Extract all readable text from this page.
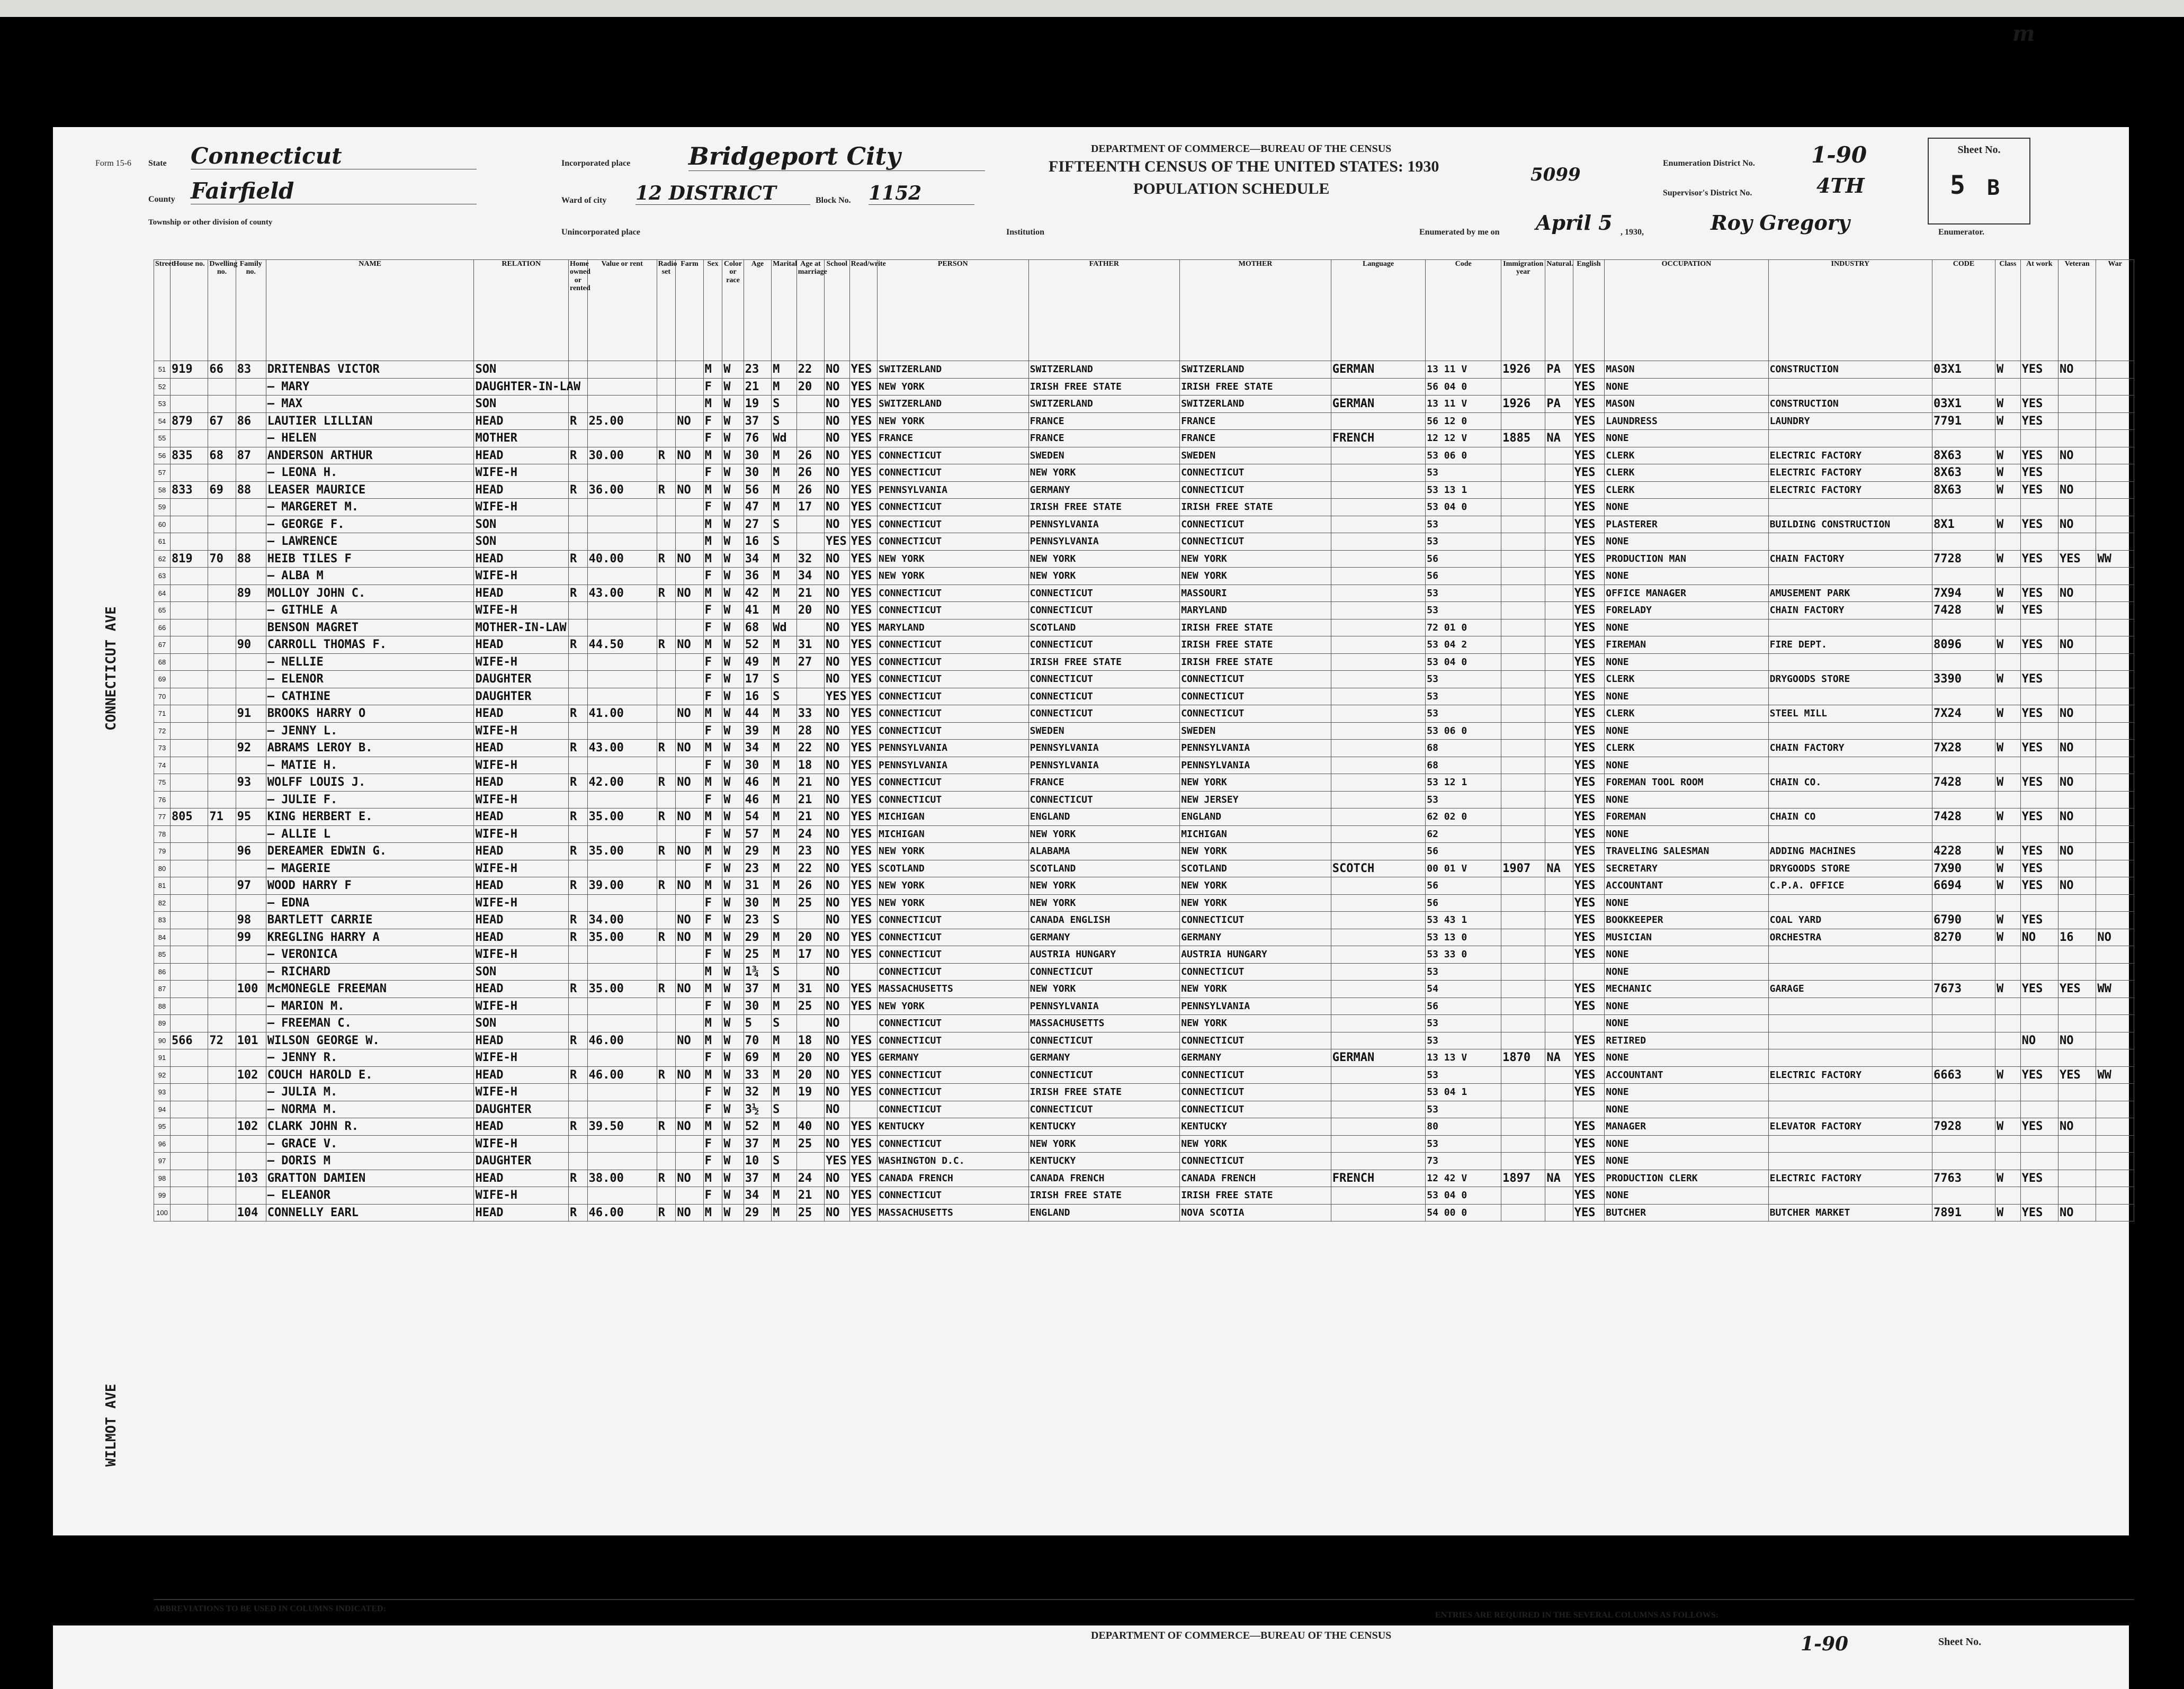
Form 15-6
DEPARTMENT OF COMMERCE—BUREAU OF THE CENSUS
FIFTEENTH CENSUS OF THE UNITED STATES: 1930
POPULATION SCHEDULE
5099
m
Sheet No.
5 B
State Connecticut
County Fairfield
Township or other division of county
Incorporated place Bridgeport City
Ward of city 12 DISTRICT	Block No. 1152
Unincorporated place	Institution
Enumeration District No.	1-90
Supervisor's District No.	4TH
Enumerated by me on April 5 , 1930,	Roy Gregory	Enumerator.
CONNECTICUT AVE
WILMOT AVE
ABBREVIATIONS TO BE USED IN COLUMNS INDICATED:
ENTRIES ARE REQUIRED IN THE SEVERAL COLUMNS AS FOLLOWS:
Street	House no.	Dwelling no.	Family no.	NAME	RELATION	Home owned or rented	Value or rent	Radio set	Farm	Sex	Color or race	Age	Marital	Age at marriage	School	Read/write	PERSON	FATHER	MOTHER	Language	Code	Immigration year	Natural.	English	OCCUPATION	INDUSTRY	CODE	Class	At work	Veteran	War
51	919	66	83	DRITENBAS VICTOR	SON					M	W	23	M	22	NO	YES	SWITZERLAND	SWITZERLAND	SWITZERLAND	GERMAN	13 11 V	1926	PA	YES	MASON	CONSTRUCTION	03X1	W	YES	NO	
52				— MARY	DAUGHTER-IN-LAW					F	W	21	M	20	NO	YES	NEW YORK	IRISH FREE STATE	IRISH FREE STATE		56 04 0			YES	NONE						
53				— MAX	SON					M	W	19	S		NO	YES	SWITZERLAND	SWITZERLAND	SWITZERLAND	GERMAN	13 11 V	1926	PA	YES	MASON	CONSTRUCTION	03X1	W	YES		
54	879	67	86	LAUTIER LILLIAN	HEAD	R	25.00		NO	F	W	37	S		NO	YES	NEW YORK	FRANCE	FRANCE		56 12 0			YES	LAUNDRESS	LAUNDRY	7791	W	YES		
55				— HELEN	MOTHER					F	W	76	Wd		NO	YES	FRANCE	FRANCE	FRANCE	FRENCH	12 12 V	1885	NA	YES	NONE						
56	835	68	87	ANDERSON ARTHUR	HEAD	R	30.00	R	NO	M	W	30	M	26	NO	YES	CONNECTICUT	SWEDEN	SWEDEN		53 06 0			YES	CLERK	ELECTRIC FACTORY	8X63	W	YES	NO	
57				— LEONA H.	WIFE-H					F	W	30	M	26	NO	YES	CONNECTICUT	NEW YORK	CONNECTICUT		53			YES	CLERK	ELECTRIC FACTORY	8X63	W	YES		
58	833	69	88	LEASER MAURICE	HEAD	R	36.00	R	NO	M	W	56	M	26	NO	YES	PENNSYLVANIA	GERMANY	CONNECTICUT		53 13 1			YES	CLERK	ELECTRIC FACTORY	8X63	W	YES	NO	
59				— MARGERET M.	WIFE-H					F	W	47	M	17	NO	YES	CONNECTICUT	IRISH FREE STATE	IRISH FREE STATE		53 04 0			YES	NONE						
60				— GEORGE F.	SON					M	W	27	S		NO	YES	CONNECTICUT	PENNSYLVANIA	CONNECTICUT		53			YES	PLASTERER	BUILDING CONSTRUCTION	8X1	W	YES	NO	
61				— LAWRENCE	SON					M	W	16	S		YES	YES	CONNECTICUT	PENNSYLVANIA	CONNECTICUT		53			YES	NONE						
62	819	70	88	HEIB TILES F	HEAD	R	40.00	R	NO	M	W	34	M	32	NO	YES	NEW YORK	NEW YORK	NEW YORK		56			YES	PRODUCTION MAN	CHAIN FACTORY	7728	W	YES	YES	WW
63				— ALBA M	WIFE-H					F	W	36	M	34	NO	YES	NEW YORK	NEW YORK	NEW YORK		56			YES	NONE						
64			89	MOLLOY JOHN C.	HEAD	R	43.00	R	NO	M	W	42	M	21	NO	YES	CONNECTICUT	CONNECTICUT	MASSOURI		53			YES	OFFICE MANAGER	AMUSEMENT PARK	7X94	W	YES	NO	
65				— GITHLE A	WIFE-H					F	W	41	M	20	NO	YES	CONNECTICUT	CONNECTICUT	MARYLAND		53			YES	FORELADY	CHAIN FACTORY	7428	W	YES		
66				BENSON MAGRET	MOTHER-IN-LAW					F	W	68	Wd		NO	YES	MARYLAND	SCOTLAND	IRISH FREE STATE		72 01 0			YES	NONE						
67			90	CARROLL THOMAS F.	HEAD	R	44.50	R	NO	M	W	52	M	31	NO	YES	CONNECTICUT	CONNECTICUT	IRISH FREE STATE		53 04 2			YES	FIREMAN	FIRE DEPT.	8096	W	YES	NO	
68				— NELLIE	WIFE-H					F	W	49	M	27	NO	YES	CONNECTICUT	IRISH FREE STATE	IRISH FREE STATE		53 04 0			YES	NONE						
69				— ELENOR	DAUGHTER					F	W	17	S		NO	YES	CONNECTICUT	CONNECTICUT	CONNECTICUT		53			YES	CLERK	DRYGOODS STORE	3390	W	YES		
70				— CATHINE	DAUGHTER					F	W	16	S		YES	YES	CONNECTICUT	CONNECTICUT	CONNECTICUT		53			YES	NONE						
71			91	BROOKS HARRY O	HEAD	R	41.00		NO	M	W	44	M	33	NO	YES	CONNECTICUT	CONNECTICUT	CONNECTICUT		53			YES	CLERK	STEEL MILL	7X24	W	YES	NO	
72				— JENNY L.	WIFE-H					F	W	39	M	28	NO	YES	CONNECTICUT	SWEDEN	SWEDEN		53 06 0			YES	NONE						
73			92	ABRAMS LEROY B.	HEAD	R	43.00	R	NO	M	W	34	M	22	NO	YES	PENNSYLVANIA	PENNSYLVANIA	PENNSYLVANIA		68			YES	CLERK	CHAIN FACTORY	7X28	W	YES	NO	
74				— MATIE H.	WIFE-H					F	W	30	M	18	NO	YES	PENNSYLVANIA	PENNSYLVANIA	PENNSYLVANIA		68			YES	NONE						
75			93	WOLFF LOUIS J.	HEAD	R	42.00	R	NO	M	W	46	M	21	NO	YES	CONNECTICUT	FRANCE	NEW YORK		53 12 1			YES	FOREMAN TOOL ROOM	CHAIN CO.	7428	W	YES	NO	
76				— JULIE F.	WIFE-H					F	W	46	M	21	NO	YES	CONNECTICUT	CONNECTICUT	NEW JERSEY		53			YES	NONE						
77	805	71	95	KING HERBERT E.	HEAD	R	35.00	R	NO	M	W	54	M	21	NO	YES	MICHIGAN	ENGLAND	ENGLAND		62 02 0			YES	FOREMAN	CHAIN CO	7428	W	YES	NO	
78				— ALLIE L	WIFE-H					F	W	57	M	24	NO	YES	MICHIGAN	NEW YORK	MICHIGAN		62			YES	NONE						
79			96	DEREAMER EDWIN G.	HEAD	R	35.00	R	NO	M	W	29	M	23	NO	YES	NEW YORK	ALABAMA	NEW YORK		56			YES	TRAVELING SALESMAN	ADDING MACHINES	4228	W	YES	NO	
80				— MAGERIE	WIFE-H					F	W	23	M	22	NO	YES	SCOTLAND	SCOTLAND	SCOTLAND	SCOTCH	00 01 V	1907	NA	YES	SECRETARY	DRYGOODS STORE	7X90	W	YES		
81			97	WOOD HARRY F	HEAD	R	39.00	R	NO	M	W	31	M	26	NO	YES	NEW YORK	NEW YORK	NEW YORK		56			YES	ACCOUNTANT	C.P.A. OFFICE	6694	W	YES	NO	
82				— EDNA	WIFE-H					F	W	30	M	25	NO	YES	NEW YORK	NEW YORK	NEW YORK		56			YES	NONE						
83			98	BARTLETT CARRIE	HEAD	R	34.00		NO	F	W	23	S		NO	YES	CONNECTICUT	CANADA ENGLISH	CONNECTICUT		53 43 1			YES	BOOKKEEPER	COAL YARD	6790	W	YES		
84			99	KREGLING HARRY A	HEAD	R	35.00	R	NO	M	W	29	M	20	NO	YES	CONNECTICUT	GERMANY	GERMANY		53 13 0			YES	MUSICIAN	ORCHESTRA	8270	W	NO	16	NO
85				— VERONICA	WIFE-H					F	W	25	M	17	NO	YES	CONNECTICUT	AUSTRIA HUNGARY	AUSTRIA HUNGARY		53 33 0			YES	NONE						
86				— RICHARD	SON					M	W	1¾	S		NO		CONNECTICUT	CONNECTICUT	CONNECTICUT		53				NONE						
87			100	McMONEGLE FREEMAN	HEAD	R	35.00	R	NO	M	W	37	M	31	NO	YES	MASSACHUSETTS	NEW YORK	NEW YORK		54			YES	MECHANIC	GARAGE	7673	W	YES	YES	WW
88				— MARION M.	WIFE-H					F	W	30	M	25	NO	YES	NEW YORK	PENNSYLVANIA	PENNSYLVANIA		56			YES	NONE						
89				— FREEMAN C.	SON					M	W	5	S		NO		CONNECTICUT	MASSACHUSETTS	NEW YORK		53				NONE						
90	566	72	101	WILSON GEORGE W.	HEAD	R	46.00		NO	M	W	70	M	18	NO	YES	CONNECTICUT	CONNECTICUT	CONNECTICUT		53			YES	RETIRED				NO	NO	
91				— JENNY R.	WIFE-H					F	W	69	M	20	NO	YES	GERMANY	GERMANY	GERMANY	GERMAN	13 13 V	1870	NA	YES	NONE						
92			102	COUCH HAROLD E.	HEAD	R	46.00	R	NO	M	W	33	M	20	NO	YES	CONNECTICUT	CONNECTICUT	CONNECTICUT		53			YES	ACCOUNTANT	ELECTRIC FACTORY	6663	W	YES	YES	WW
93				— JULIA M.	WIFE-H					F	W	32	M	19	NO	YES	CONNECTICUT	IRISH FREE STATE	CONNECTICUT		53 04 1			YES	NONE						
94				— NORMA M.	DAUGHTER					F	W	3½	S		NO		CONNECTICUT	CONNECTICUT	CONNECTICUT		53				NONE						
95			102	CLARK JOHN R.	HEAD	R	39.50	R	NO	M	W	52	M	40	NO	YES	KENTUCKY	KENTUCKY	KENTUCKY		80			YES	MANAGER	ELEVATOR FACTORY	7928	W	YES	NO	
96				— GRACE V.	WIFE-H					F	W	37	M	25	NO	YES	CONNECTICUT	NEW YORK	NEW YORK		53			YES	NONE						
97				— DORIS M	DAUGHTER					F	W	10	S		YES	YES	WASHINGTON D.C.	KENTUCKY	CONNECTICUT		73			YES	NONE						
98			103	GRATTON DAMIEN	HEAD	R	38.00	R	NO	M	W	37	M	24	NO	YES	CANADA FRENCH	CANADA FRENCH	CANADA FRENCH	FRENCH	12 42 V	1897	NA	YES	PRODUCTION CLERK	ELECTRIC FACTORY	7763	W	YES		
99				— ELEANOR	WIFE-H					F	W	34	M	21	NO	YES	CONNECTICUT	IRISH FREE STATE	IRISH FREE STATE		53 04 0			YES	NONE						
100			104	CONNELLY EARL	HEAD	R	46.00	R	NO	M	W	29	M	25	NO	YES	MASSACHUSETTS	ENGLAND	NOVA SCOTIA		54 00 0			YES	BUTCHER	BUTCHER MARKET	7891	W	YES	NO	
DEPARTMENT OF COMMERCE—BUREAU OF THE CENSUS	1-90	Sheet No.
